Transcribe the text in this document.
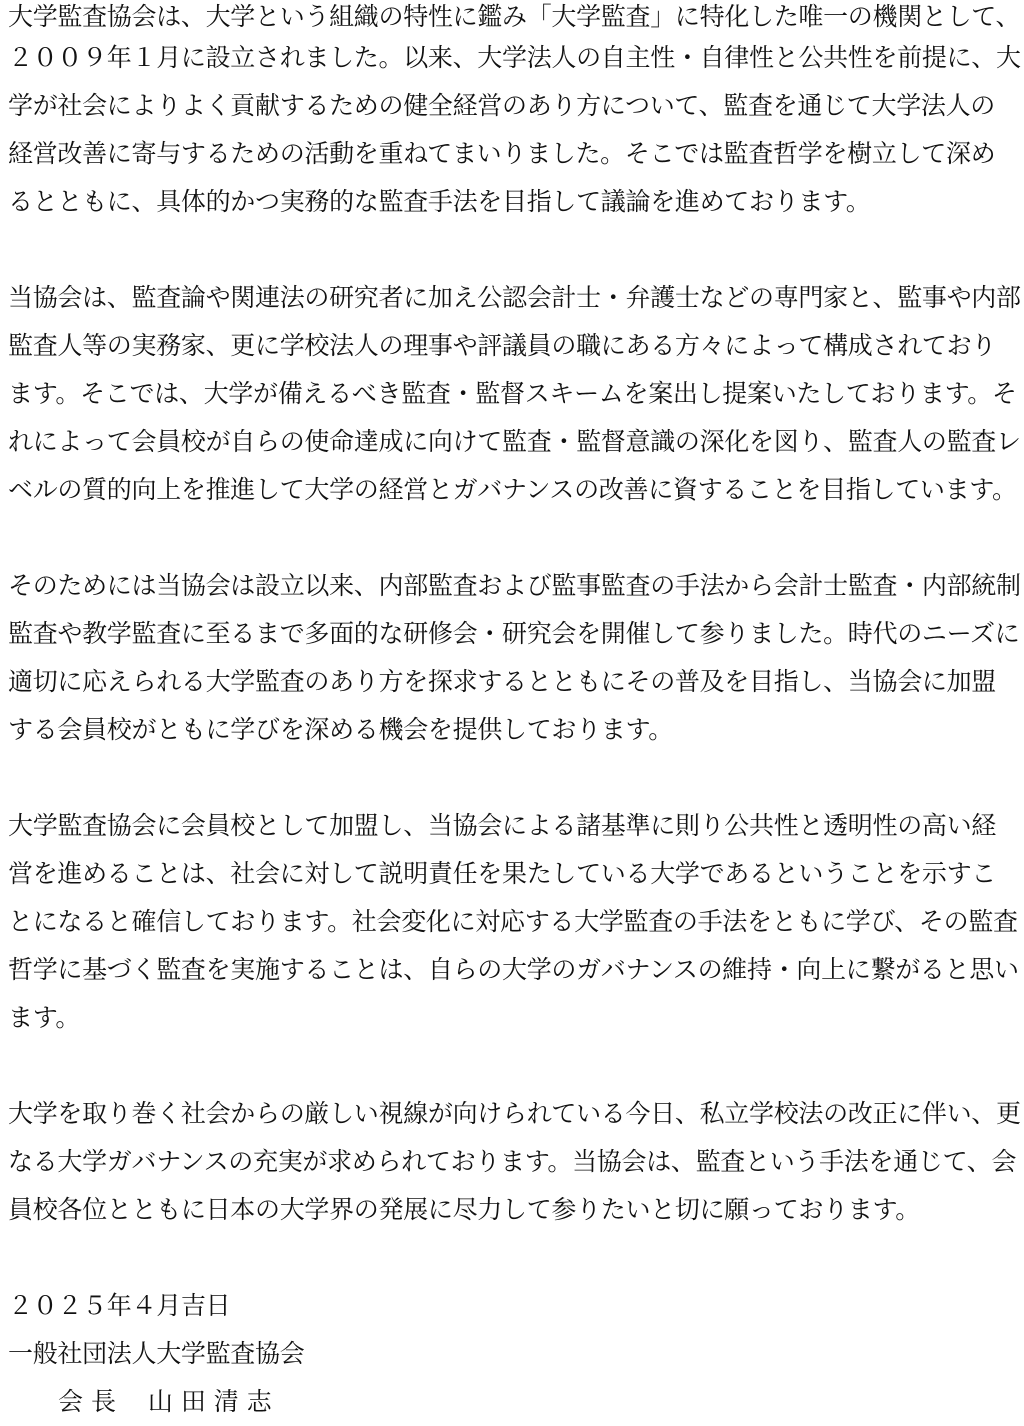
大学監査協会は、大学という組織の特性に鑑み「大学監査」に特化した唯一の機関として、
２００９年１月に設立されました。以来、大学法人の自主性・自律性と公共性を前提に、大
学が社会によりよく貢献するための健全経営のあり方について、監査を通じて大学法人の
経営改善に寄与するための活動を重ねてまいりました。そこでは監査哲学を樹立して深め
るとともに、具体的かつ実務的な監査手法を目指して議論を進めております。
当協会は、監査論や関連法の研究者に加え公認会計士・弁護士などの専門家と、監事や内部
監査人等の実務家、更に学校法人の理事や評議員の職にある方々によって構成されており
ます。そこでは、大学が備えるべき監査・監督スキームを案出し提案いたしております。そ
れによって会員校が自らの使命達成に向けて監査・監督意識の深化を図り、監査人の監査レ
ベルの質的向上を推進して大学の経営とガバナンスの改善に資することを目指しています。
そのためには当協会は設立以来、内部監査および監事監査の手法から会計士監査・内部統制
監査や教学監査に至るまで多面的な研修会・研究会を開催して参りました。時代のニーズに
適切に応えられる大学監査のあり方を探求するとともにその普及を目指し、当協会に加盟
する会員校がともに学びを深める機会を提供しております。
大学監査協会に会員校として加盟し、当協会による諸基準に則り公共性と透明性の高い経
営を進めることは、社会に対して説明責任を果たしている大学であるということを示すこ
とになると確信しております。社会変化に対応する大学監査の手法をともに学び、その監査
哲学に基づく監査を実施することは、自らの大学のガバナンスの維持・向上に繋がると思い
ます。
大学を取り巻く社会からの厳しい視線が向けられている今日、私立学校法の改正に伴い、更
なる大学ガバナンスの充実が求められております。当協会は、監査という手法を通じて、会
員校各位とともに日本の大学界の発展に尽力して参りたいと切に願っております。
２０２５年４月吉日
一般社団法人大学監査協会
会 長 山 田 清 志
